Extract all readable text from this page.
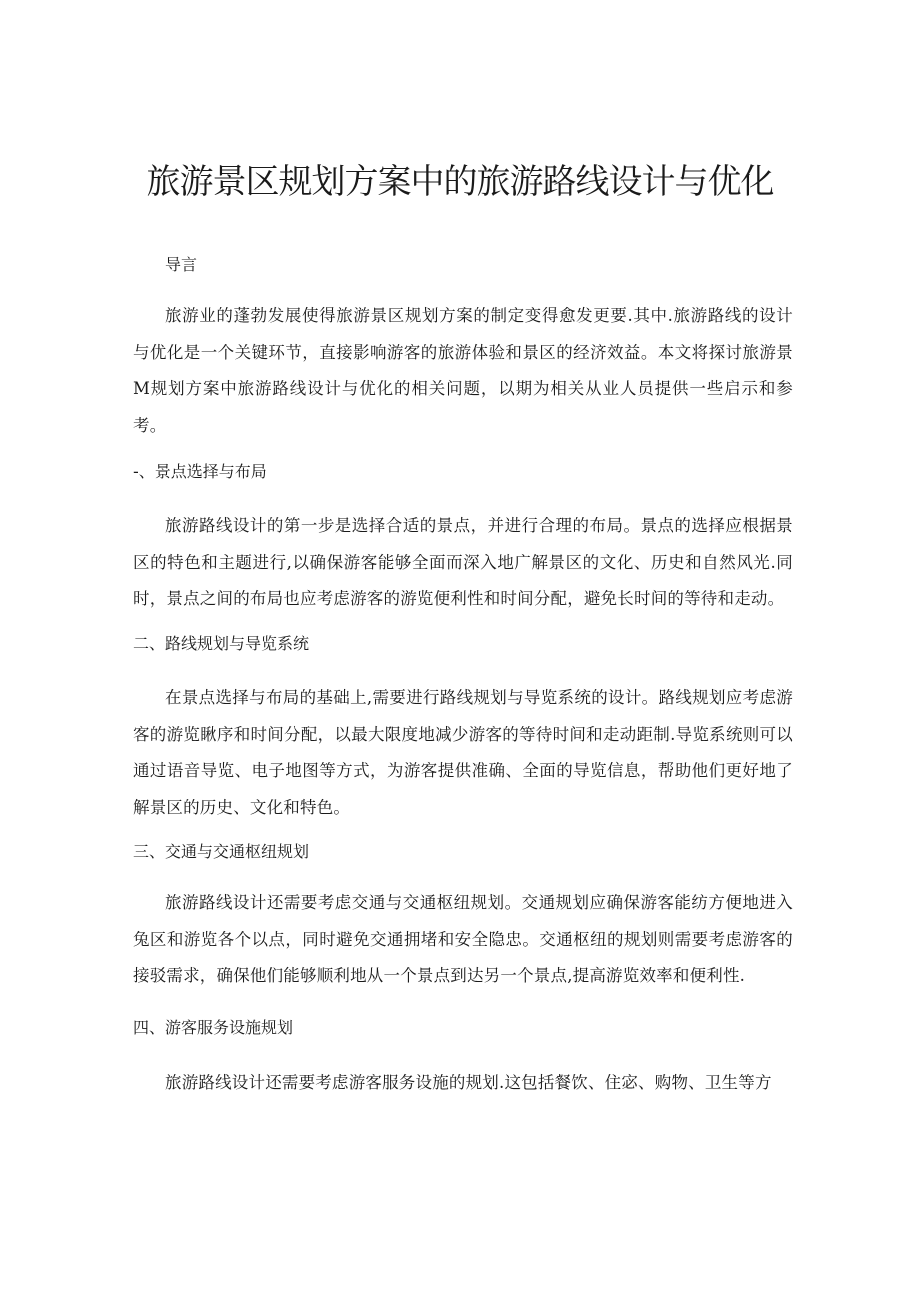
旅游景区规划方案中的旅游路线设计与优化

导言

旅游业的蓬勃发展使得旅游景区规划方案的制定变得愈发更要.其中.旅游路线的设计与优化是一个关键环节，直接影响游客的旅游体验和景区的经济效益。本文将探讨旅游景M规划方案中旅游路线设计与优化的相关问题，以期为相关从业人员提供一些启示和参考。

-、景点选择与布局

旅游路线设计的第一步是选择合适的景点，并进行合理的布局。景点的选择应根据景区的特色和主题进行,以确保游客能够全面而深入地广解景区的文化、历史和自然风光.同时，景点之间的布局也应考虑游客的游览便利性和时间分配，避免长时间的等待和走动。

二、路线规划与导览系统

在景点选择与布局的基础上,需要进行路线规划与导览系统的设计。路线规划应考虑游客的游览瞅序和时间分配，以最大限度地减少游客的等待时间和走动距制.导览系统则可以通过语音导览、电子地图等方式，为游客提供准确、全面的导览信息，帮助他们更好地了解景区的历史、文化和特色。

三、交通与交通枢纽规划

旅游路线设计还需要考虑交通与交通枢纽规划。交通规划应确保游客能纺方便地进入兔区和游览各个以点，同时避免交通拥堵和安全隐忠。交通枢纽的规划则需要考虑游客的接驳需求，确保他们能够顺利地从一个景点到达另一个景点,提高游览效率和便利性.

四、游客服务设施规划

旅游路线设计还需要考虑游客服务设施的规划.这包括餐饮、住宓、购物、卫生等方
